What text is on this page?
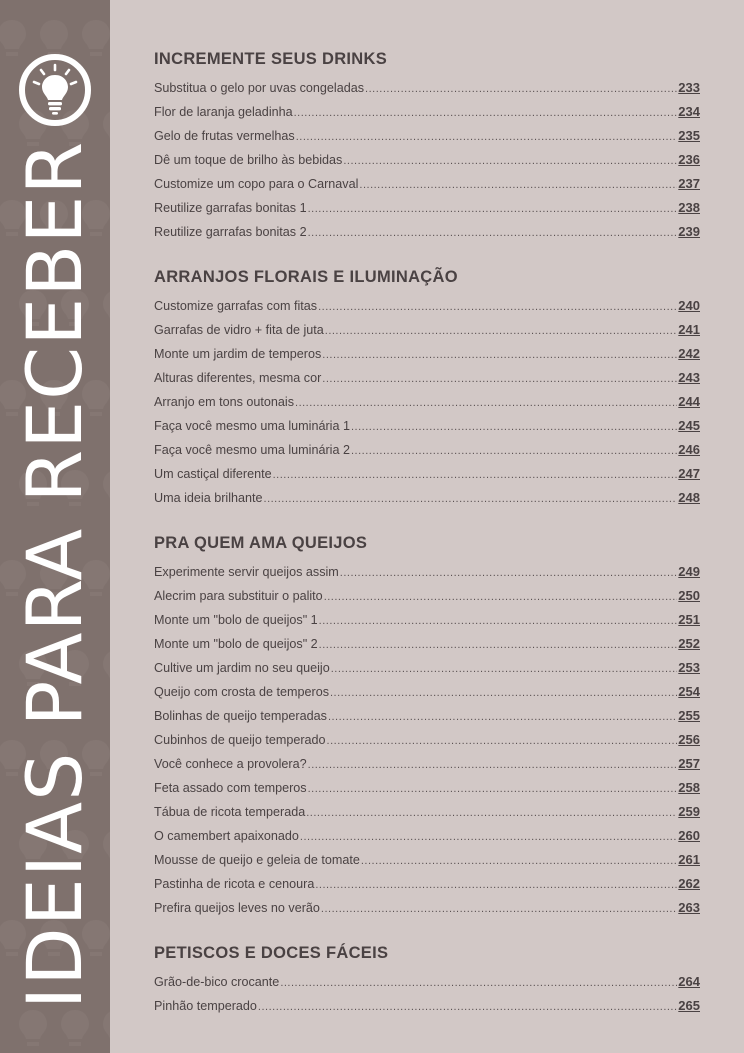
IDEIAS PARA RECEBER
INCREMENTE SEUS DRINKS
Substitua o gelo por uvas congeladas .....	233
Flor de laranja geladinha .....	234
Gelo de frutas vermelhas .....	235
Dê um toque de brilho às bebidas .....	236
Customize um copo para o Carnaval .....	237
Reutilize garrafas bonitas 1 .....	238
Reutilize garrafas bonitas 2 .....	239
ARRANJOS FLORAIS E ILUMINAÇÃO
Customize garrafas com fitas .....	240
Garrafas de vidro + fita de juta .....	241
Monte um jardim de temperos .....	242
Alturas diferentes, mesma cor .....	243
Arranjo em tons outonais .....	244
Faça você mesmo uma luminária 1 .....	245
Faça você mesmo uma luminária 2 .....	246
Um castiçal diferente .....	247
Uma ideia brilhante .....	248
PRA QUEM AMA QUEIJOS
Experimente servir queijos assim .....	249
Alecrim para substituir o palito .....	250
Monte um "bolo de queijos" 1 .....	251
Monte um "bolo de queijos" 2 .....	252
Cultive um jardim no seu queijo .....	253
Queijo com crosta de temperos .....	254
Bolinhas de queijo temperadas .....	255
Cubinhos de queijo temperado .....	256
Você conhece a provolera? .....	257
Feta assado com temperos .....	258
Tábua de ricota temperada .....	259
O camembert apaixonado .....	260
Mousse de queijo e geleia de tomate .....	261
Pastinha de ricota e cenoura .....	262
Prefira queijos leves no verão .....	263
PETISCOS E DOCES FÁCEIS
Grão-de-bico crocante .....	264
Pinhão temperado .....	265
